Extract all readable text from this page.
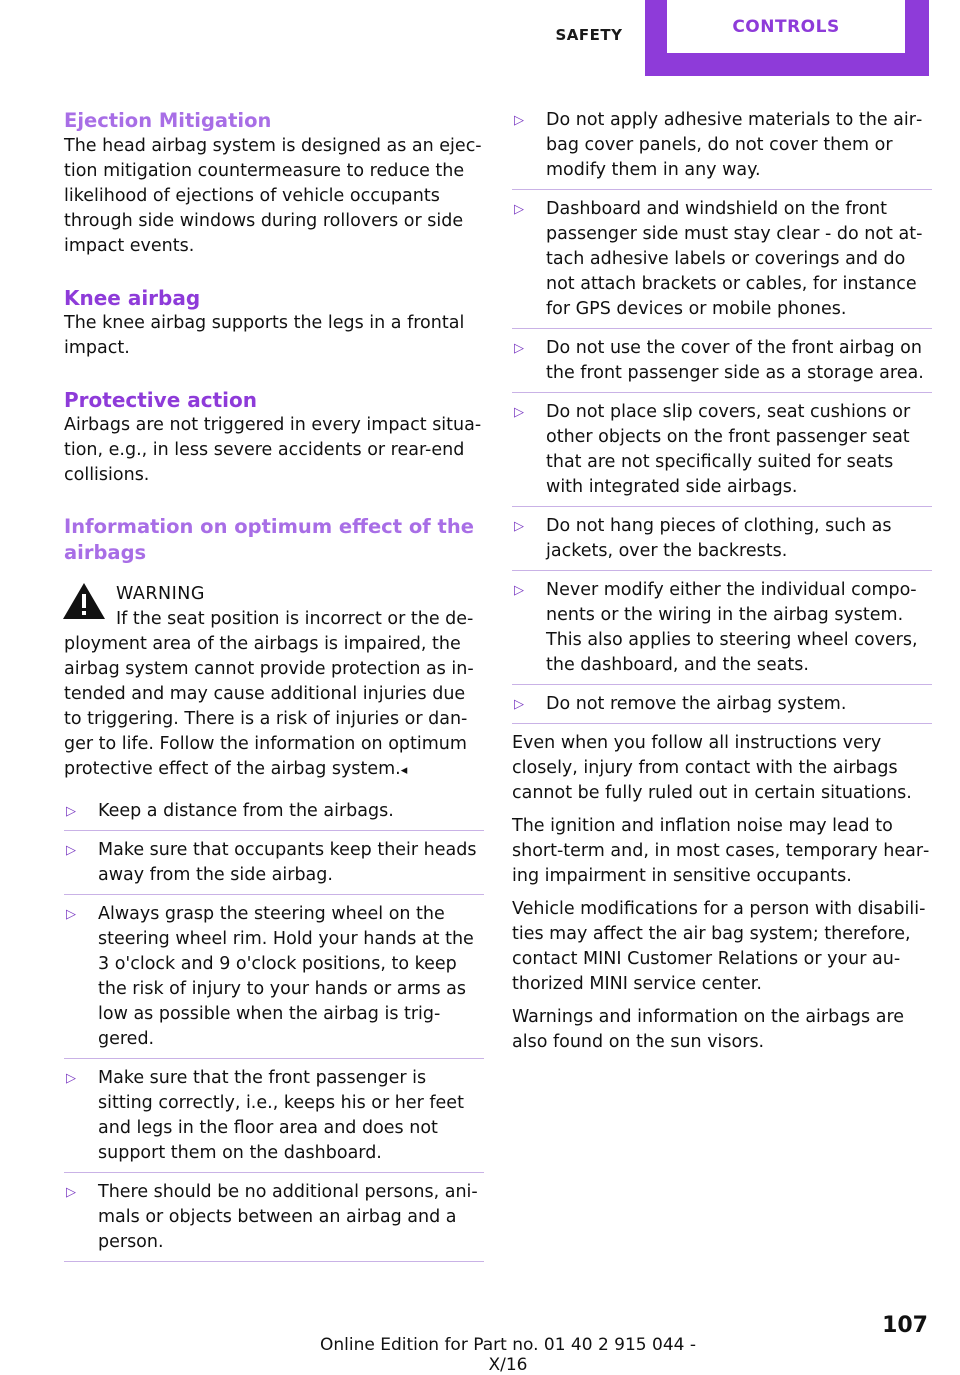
SAFETY	CONTROLS
Ejection Mitigation

The head airbag system is designed as an ejec‐tion mitigation countermeasure to reduce the likelihood of ejections of vehicle occupants through side windows during rollovers or side impact events.

Knee airbag

The knee airbag supports the legs in a frontal impact.

Protective action

Airbags are not triggered in every impact situa‐tion, e.g., in less severe accidents or rear-end collisions.

Information on optimum effect of the airbags
WARNING
If the seat position is incorrect or the de‐ployment area of the airbags is impaired, the airbag system cannot provide protection as in‐tended and may cause additional injuries due to triggering. There is a risk of injuries or dan‐ger to life. Follow the information on optimum protective effect of the airbag system.◂
▷ Keep a distance from the airbags.
▷ Make sure that occupants keep their heads away from the side airbag.
▷ Always grasp the steering wheel on the steering wheel rim. Hold your hands at the 3 o'clock and 9 o'clock positions, to keep the risk of injury to your hands or arms as low as possible when the airbag is trig‐gered.
▷ Make sure that the front passenger is sitting correctly, i.e., keeps his or her feet and legs in the floor area and does not support them on the dashboard.
▷ There should be no additional persons, ani‐mals or objects between an airbag and a person.
▷ Do not apply adhesive materials to the air‐bag cover panels, do not cover them or modify them in any way.
▷ Dashboard and windshield on the front passenger side must stay clear - do not at‐tach adhesive labels or coverings and do not attach brackets or cables, for instance for GPS devices or mobile phones.
▷ Do not use the cover of the front airbag on the front passenger side as a storage area.
▷ Do not place slip covers, seat cushions or other objects on the front passenger seat that are not specifically suited for seats with integrated side airbags.
▷ Do not hang pieces of clothing, such as jackets, over the backrests.
▷ Never modify either the individual compo‐nents or the wiring in the airbag system. This also applies to steering wheel covers, the dashboard, and the seats.
▷ Do not remove the airbag system.

Even when you follow all instructions very closely, injury from contact with the airbags cannot be fully ruled out in certain situations.

The ignition and inflation noise may lead to short-term and, in most cases, temporary hear‐ing impairment in sensitive occupants.

Vehicle modifications for a person with disabili‐ties may affect the air bag system; therefore, contact MINI Customer Relations or your au‐thorized MINI service center.

Warnings and information on the airbags are also found on the sun visors.

Online Edition for Part no. 01 40 2 915 044 - X/16
107
